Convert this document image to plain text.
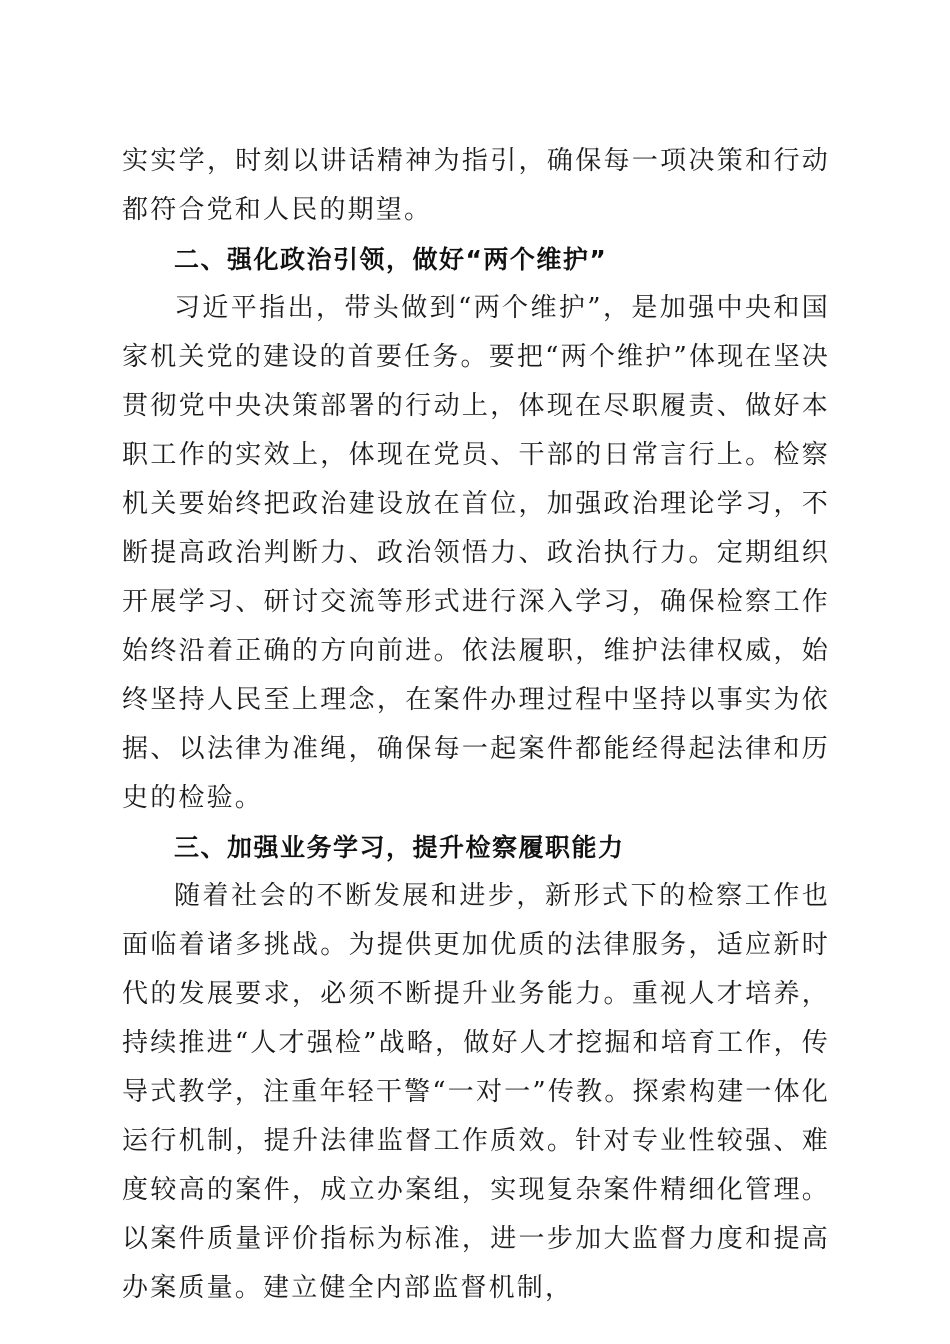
实实学，时刻以讲话精神为指引，确保每一项决策和行动都符合党和人民的期望。

二、强化政治引领，做好“两个维护”

习近平指出，带头做到“两个维护”，是加强中央和国家机关党的建设的首要任务。要把“两个维护”体现在坚决贯彻党中央决策部署的行动上，体现在尽职履责、做好本职工作的实效上，体现在党员、干部的日常言行上。检察机关要始终把政治建设放在首位，加强政治理论学习，不断提高政治判断力、政治领悟力、政治执行力。定期组织开展学习、研讨交流等形式进行深入学习，确保检察工作始终沿着正确的方向前进。依法履职，维护法律权威，始终坚持人民至上理念，在案件办理过程中坚持以事实为依据、以法律为准绳，确保每一起案件都能经得起法律和历史的检验。

三、加强业务学习，提升检察履职能力

随着社会的不断发展和进步，新形式下的检察工作也面临着诸多挑战。为提供更加优质的法律服务，适应新时代的发展要求，必须不断提升业务能力。重视人才培养，持续推进“人才强检”战略，做好人才挖掘和培育工作，传导式教学，注重年轻干警“一对一”传教。探索构建一体化运行机制，提升法律监督工作质效。针对专业性较强、难度较高的案件，成立办案组，实现复杂案件精细化管理。以案件质量评价指标为标准，进一步加大监督力度和提高办案质量。建立健全内部监督机制，
